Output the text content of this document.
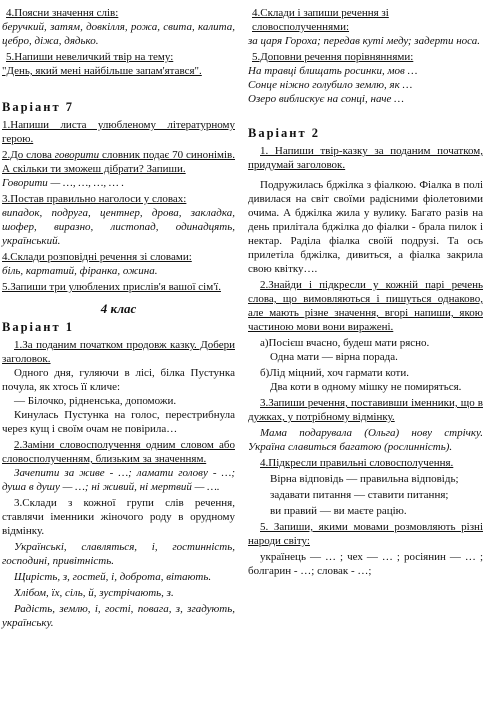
4.Поясни значення слів:

беручкий, затям, довкілля, рожа, свита, калита, цебро, діжа, дядько.

5.Напиши невеличкий твір на тему:

"День, який мені найбільше запам'ятався".

Варіант 7

1.Напиши листа улюбленому літературному герою.

2.До слова говорити словник подає 70 синонімів. А скільки ти зможеш дібрати? Запиши.

Говорити — …, …, …, … .

3.Постав правильно наголоси у словах:

випадок, подруга, центнер, дрова, закладка, шофер, виразно, листопад, одинадцять, український.

4.Склади розповідні речення зі словами:

біль, картатий, фіранка, ожина.

5.Запиши три улюблених прислів'я вашої сім'ї.

4 клас

Варіант 1

1.За поданим початком продовж казку. Добери заголовок.

Одного дня, гуляючи в лісі, білка Пустунка почула, як хтось її кличе:

— Білочко, рідненська, допоможи.

Кинулась Пустунка на голос, перестрибнула через кущ і своїм очам не повірила…

2.Заміни словосполучення одним словом або словосполученням, близьким за значенням.

Зачепити за живе - …; ламати голову - …; душа в душу — …; ні живий, ні мертвий — ….

3.Склади з кожної групи слів речення, ставлячи іменники жіночого роду в орудному відмінку.

Українські, славляться, і, гостинність, господині, привітність.

Щирість, з, гостей, і, доброта, вітають.

Хлібом, їх, сіль, й, зустрічають, з.

Радість, землю, і, гості, повага, з, згадують, українську.

4.Склади і запиши речення зі словосполученнями:

за царя Гороха; передав куті меду; задерти носа.

5.Доповни речення порівняннями:

На травці блищать росинки, мов …

Сонце ніжно голубило землю, як …

Озеро виблискує на сонці, наче …

Варіант 2

1. Напиши твір-казку за поданим початком, придумай заголовок.

Подружилась бджілка з фіалкою. Фіалка в полі дивилася на світ своїми радісними фіолетовими очима. А бджілка жила у вулику. Багато разів на день прилітала бджілка до фіалки - брала пилок і нектар. Раділа фіалка своїй подрузі. Та ось прилетіла бджілка, дивиться, а фіалка закрила свою квітку….

2.Знайди і підкресли у кожній парі речень слова, що вимовляються і пишуться однаково, але мають різне значення, вгорі напиши, якою частиною мови вони виражені.

а)Посієш вчасно, будеш мати рясно.

Одна мати — вірна порада.

б)Лід міцний, хоч гармати коти.

Два коти в одному мішку не помиряться.

3.Запиши речення, поставивши іменники, що в дужках, у потрібному відмінку.

Мама подарувала (Ольга) нову стрічку. Україна славиться багатою (рослинність).

4.Підкресли правильні словосполучення.

Вірна відповідь — правильна відповідь;

задавати питання — ставити питання;

ви правий — ви маєте рацію.

5. Запиши, якими мовами розмовляють різні народи світу:

українець — … ; чех — … ; росіянин — … ; болгарин - …; словак - …;
